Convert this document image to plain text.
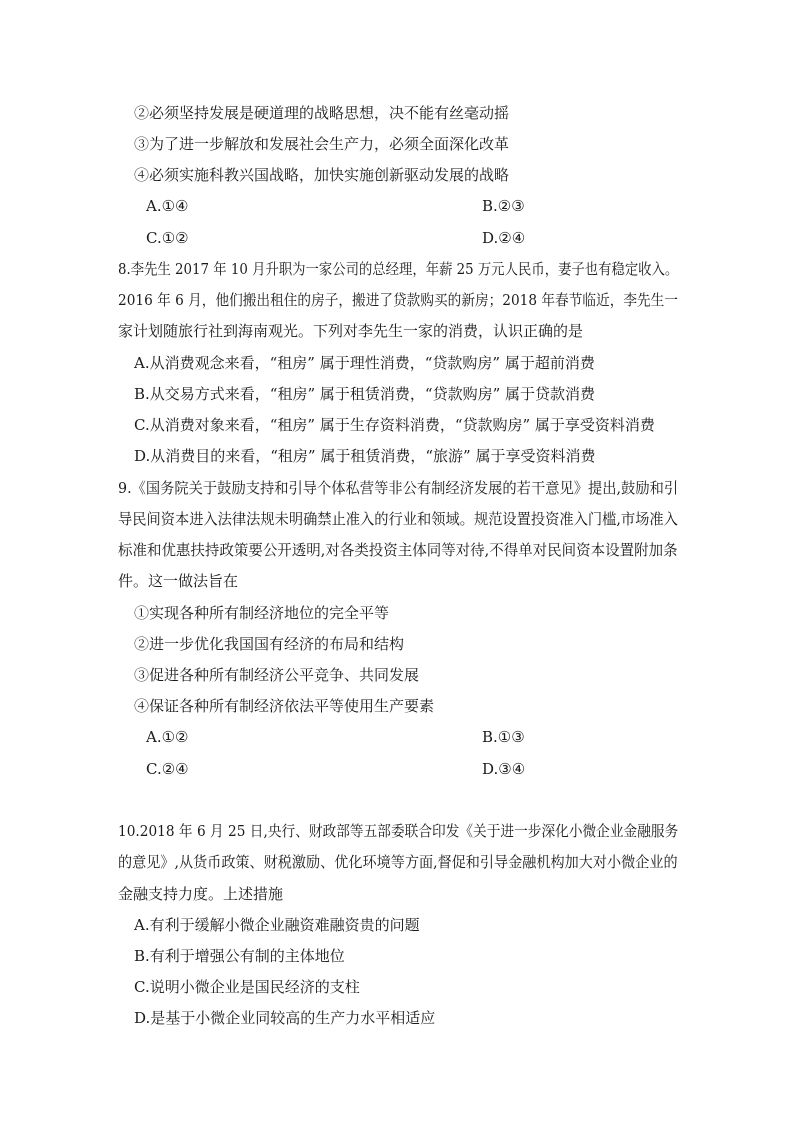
②必须坚持发展是硬道理的战略思想，决不能有丝毫动摇
③为了进一步解放和发展社会生产力，必须全面深化改革
④必须实施科教兴国战略，加快实施创新驱动发展的战略
A.①④	B.②③
C.①②	D.②④
8.李先生 2017 年 10 月升职为一家公司的总经理，年薪 25 万元人民币，妻子也有稳定收入。
2016 年 6 月，他们搬出租住的房子，搬进了贷款购买的新房；2018 年春节临近，李先生一
家计划随旅行社到海南观光。下列对李先生一家的消费，认识正确的是
A.从消费观念来看，“租房” 属于理性消费，“贷款购房” 属于超前消费
B.从交易方式来看，“租房” 属于租赁消费，“贷款购房” 属于贷款消费
C.从消费对象来看，“租房” 属于生存资料消费，“贷款购房” 属于享受资料消费
D.从消费目的来看，“租房” 属于租赁消费，“旅游” 属于享受资料消费
9.《国务院关于鼓励支持和引导个体私营等非公有制经济发展的若干意见》提出,鼓励和引
导民间资本进入法律法规未明确禁止准入的行业和领域。规范设置投资准入门槛,市场准入
标准和优惠扶持政策要公开透明,对各类投资主体同等对待,不得单对民间资本设置附加条
件。这一做法旨在
①实现各种所有制经济地位的完全平等
②进一步优化我国国有经济的布局和结构
③促进各种所有制经济公平竞争、共同发展
④保证各种所有制经济依法平等使用生产要素
A.①②	B.①③
C.②④	D.③④
10.2018 年 6 月 25 日,央行、财政部等五部委联合印发《关于进一步深化小微企业金融服务
的意见》,从货币政策、财税激励、优化环境等方面,督促和引导金融机构加大对小微企业的
金融支持力度。上述措施
A.有利于缓解小微企业融资难融资贵的问题
B.有利于增强公有制的主体地位
C.说明小微企业是国民经济的支柱
D.是基于小微企业同较高的生产力水平相适应
